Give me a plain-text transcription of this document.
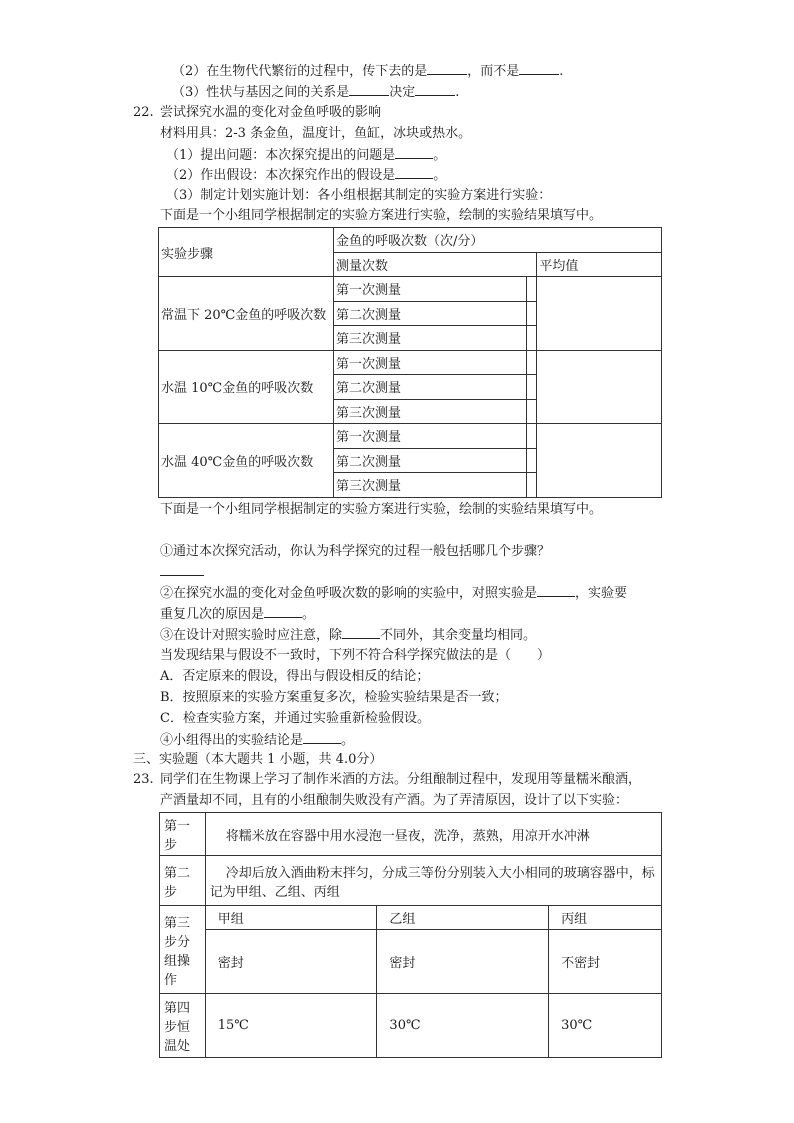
（2）在生物代代繁衍的过程中，传下去的是	，而不是	.
（3）性状与基因之间的关系是	决定	.
22. 尝试探究水温的变化对金鱼呼吸的影响
材料用具：2-3 条金鱼，温度计，鱼缸，冰块或热水。
（1）提出问题：本次探究提出的问题是	。
（2）作出假设：本次探究作出的假设是	。
（3）制定计划实施计划：各小组根据其制定的实验方案进行实验：
下面是一个小组同学根据制定的实验方案进行实验，绘制的实验结果填写中。
实验步骤	金鱼的呼吸次数（次/分）		
	测量次数		平均值
常温下 20℃金鱼的呼吸次数	第一次测量		
	第二次测量		
	第三次测量		
水温 10℃金鱼的呼吸次数	第一次测量		
	第二次测量		
	第三次测量		
水温 40℃金鱼的呼吸次数	第一次测量		
	第二次测量		
	第三次测量		
下面是一个小组同学根据制定的实验方案进行实验，绘制的实验结果填写中。
①通过本次探究活动，你认为科学探究的过程一般包括哪几个步骤？
②在探究水温的变化对金鱼呼吸次数的影响的实验中，对照实验是	，实验要
重复几次的原因是	。
③在设计对照实验时应注意，除	不同外，其余变量均相同。
当发现结果与假设不一致时，下列不符合科学探究做法的是（　　）
A．否定原来的假设，得出与假设相反的结论；
B．按照原来的实验方案重复多次，检验实验结果是否一致；
C．检查实验方案，并通过实验重新检验假设。
④小组得出的实验结论是	。
三、实验题（本大题共 1 小题，共 4.0分）
23. 同学们在生物课上学习了制作米酒的方法。分组酿制过程中，发现用等量糯米酿酒，
产酒量却不同，且有的小组酿制失败没有产酒。为了弄清原因，设计了以下实验：
第一步	将糯米放在容器中用水浸泡一昼夜，洗净，蒸熟，用凉开水冲淋		
第二步	冷却后放入酒曲粉末拌匀，分成三等份分别装入大小相同的玻璃容器中，标记为甲组、乙组、丙组		
第三步分组操作	甲组	乙组	丙组
	密封	密封	不密封
第四步恒温处	15℃	30℃	30℃
